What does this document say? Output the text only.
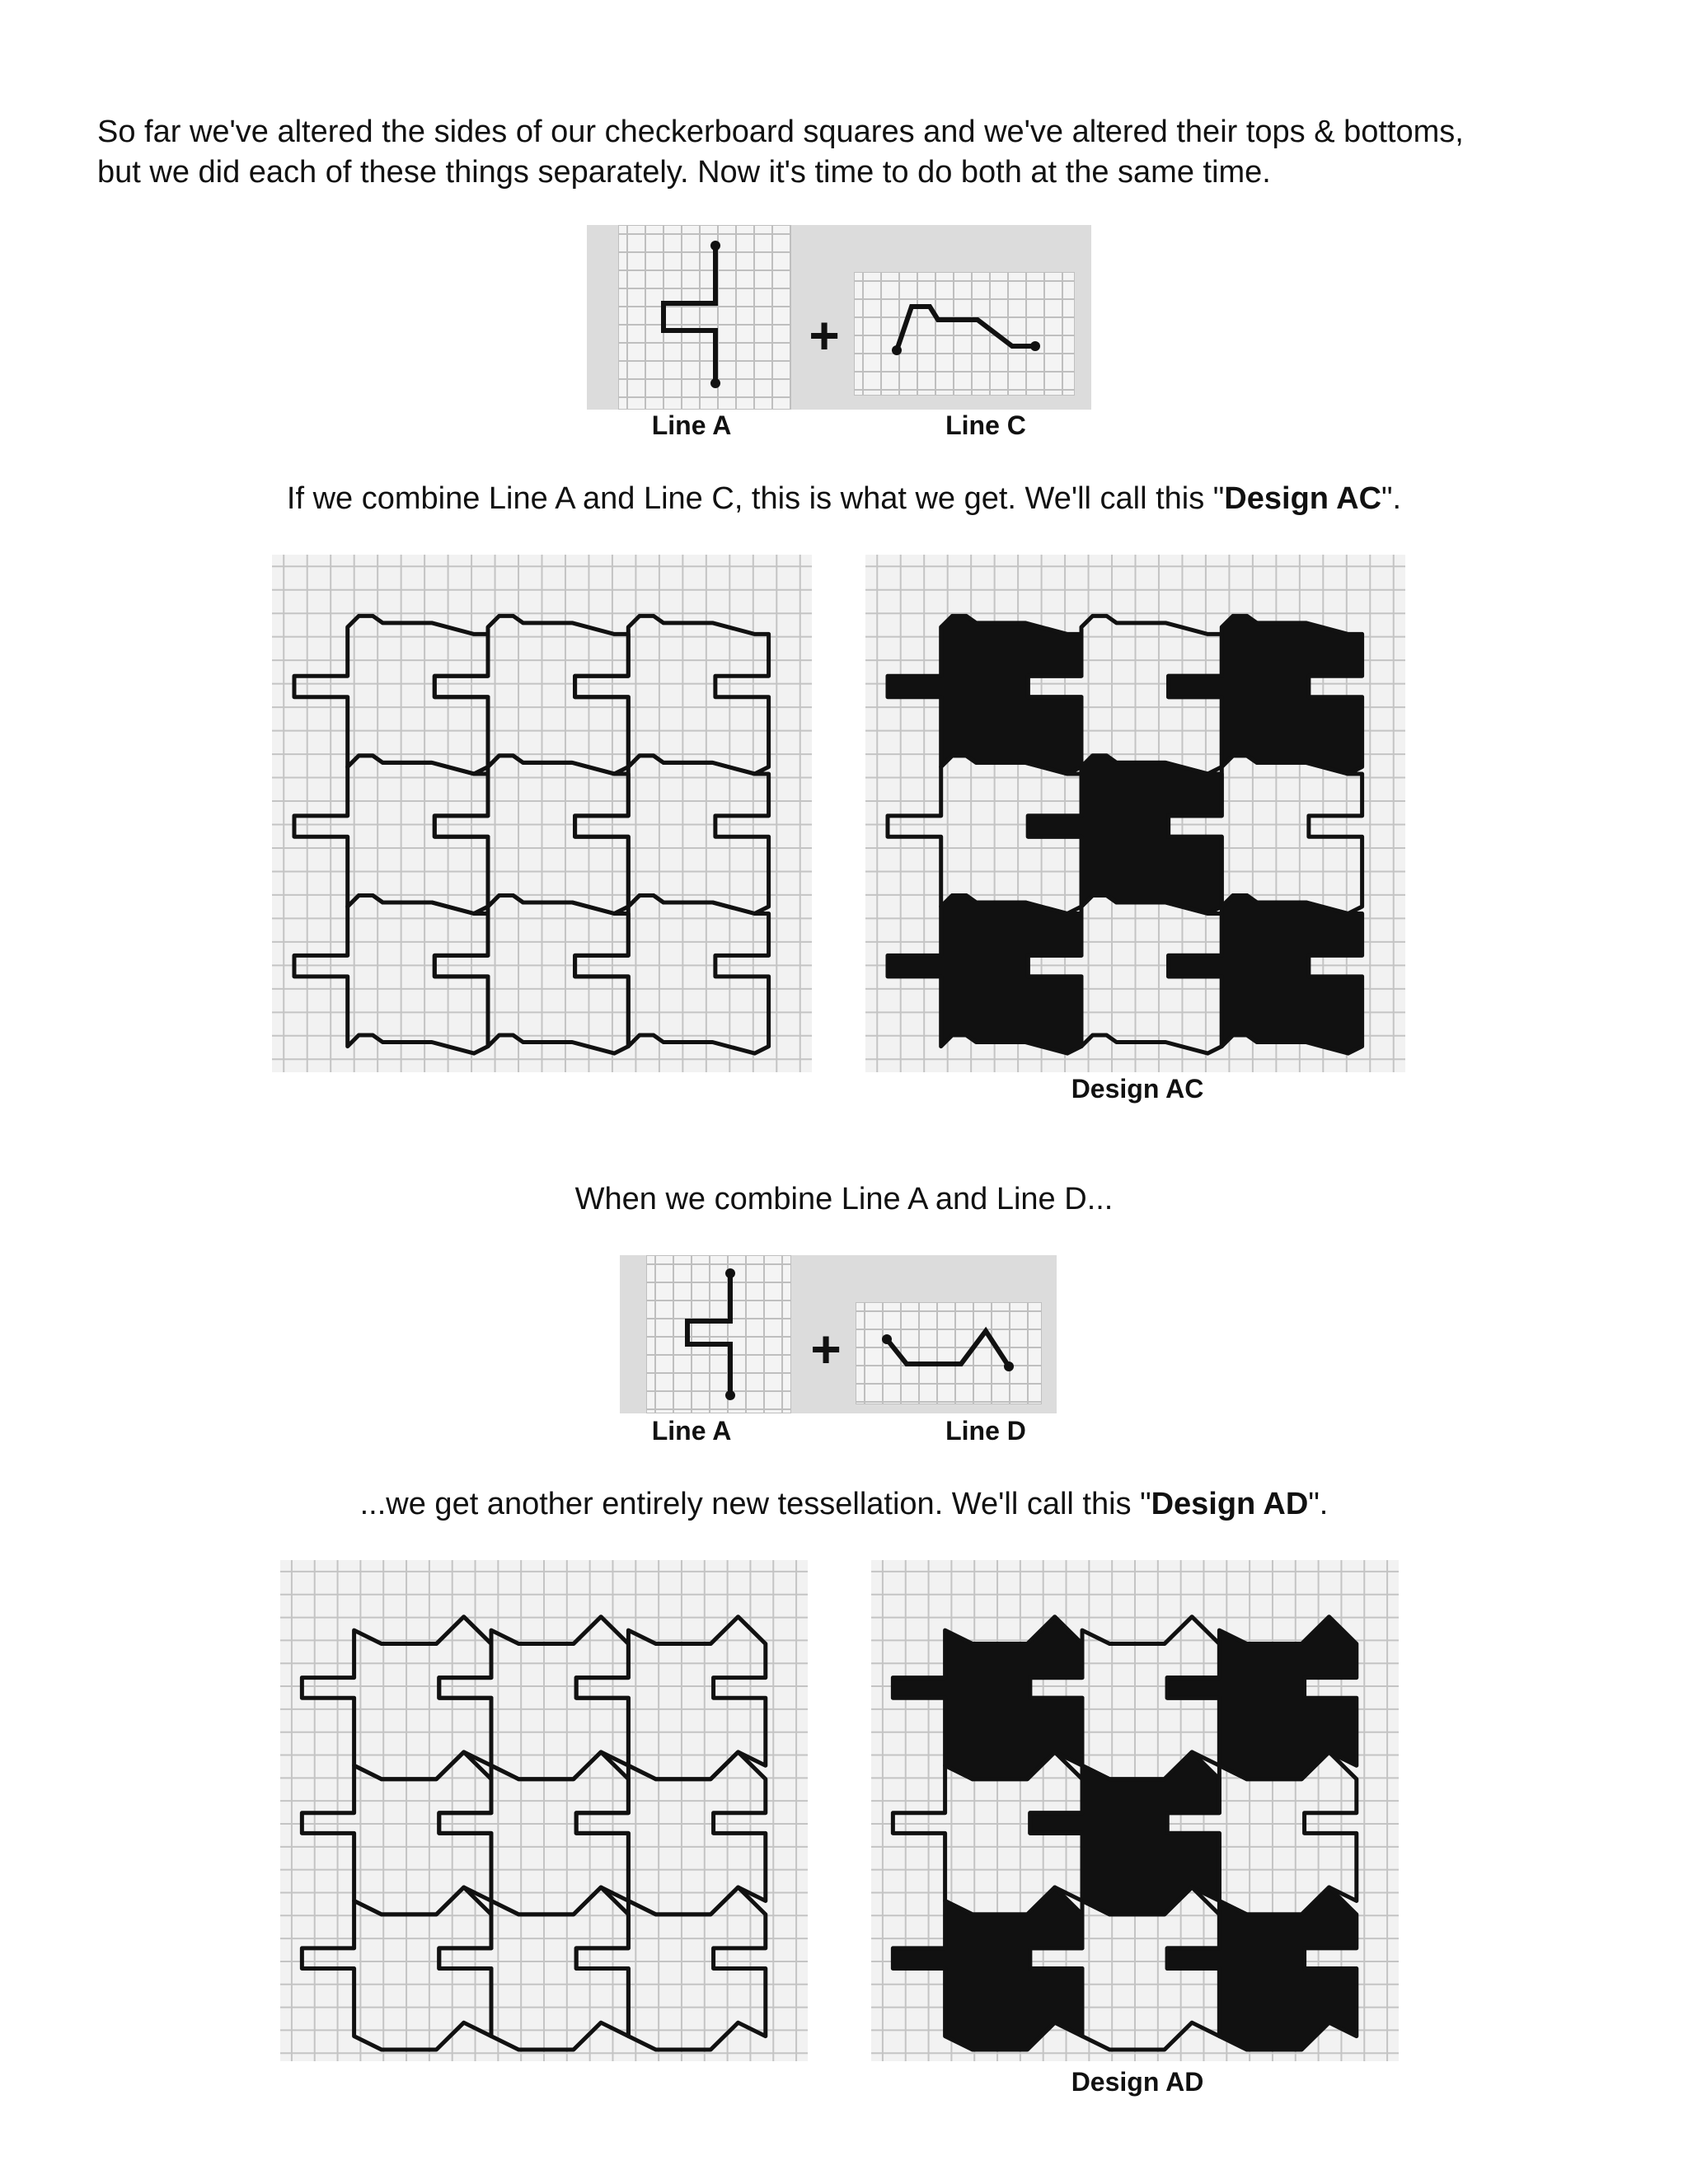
So far we've altered the sides of our checkerboard squares and we've altered their tops & bottoms,

but we did each of these things separately. Now it's time to do both at the same time.

+
Line A	Line C

If we combine Line A and Line C, this is what we get. We'll call this "Design AC".

Design AC

When we combine Line A and Line D...

+
Line A	Line D

...we get another entirely new tessellation. We'll call this "Design AD".

Design AD
